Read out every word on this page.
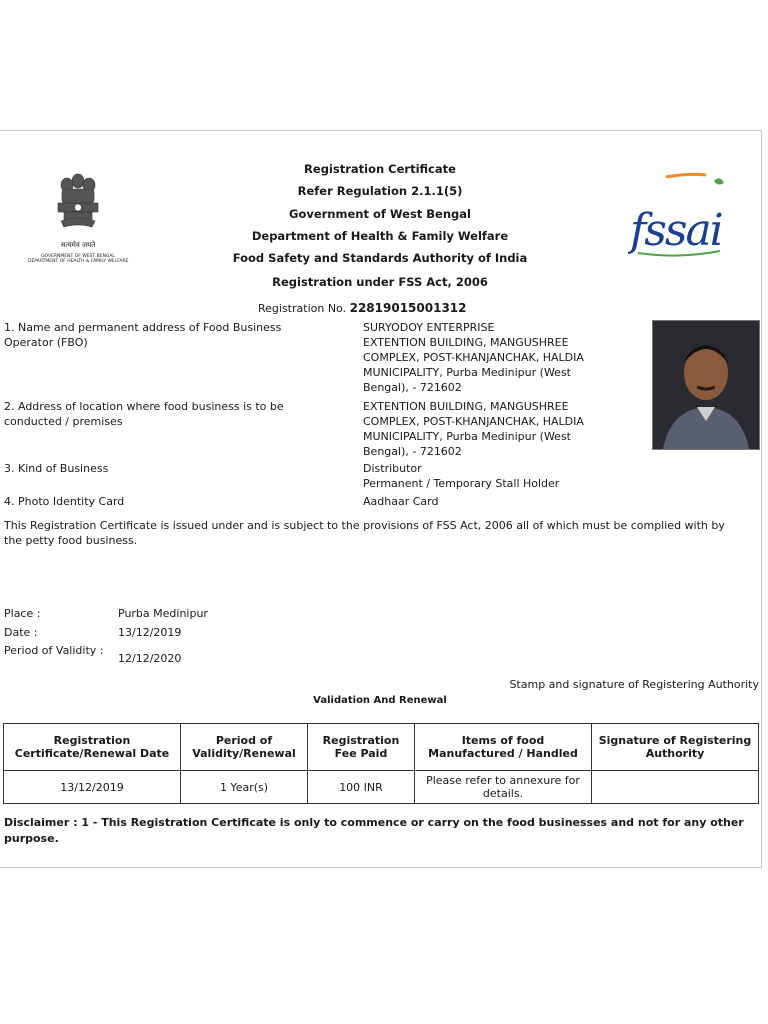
सत्यमेव जयते
GOVERNMENT OF WEST BENGAL
DEPARTMENT OF HEALTH & FAMILY WELFARE
Registration Certificate
Refer Regulation 2.1.1(5)
Government of West Bengal
Department of Health & Family Welfare
Food Safety and Standards Authority of India
Registration under FSS Act, 2006
fssai
Registration No. 22819015001312
1. Name and permanent address of Food Business Operator (FBO)
SURYODOY ENTERPRISE
EXTENTION BUILDING, MANGUSHREE
COMPLEX, POST-KHANJANCHAK, HALDIA
MUNICIPALITY, Purba Medinipur (West
Bengal), - 721602
2. Address of location where food business is to be conducted / premises
EXTENTION BUILDING, MANGUSHREE
COMPLEX, POST-KHANJANCHAK, HALDIA
MUNICIPALITY, Purba Medinipur (West
Bengal), - 721602
3. Kind of Business	Distributor
Permanent / Temporary Stall Holder
4. Photo Identity Card	Aadhaar Card
This Registration Certificate is issued under and is subject to the provisions of FSS Act, 2006 all of which must be complied with by the petty food business.
Place :	Purba Medinipur
Date :	13/12/2019
Period of Validity :
12/12/2020
Stamp and signature of Registering Authority
Validation And Renewal
Registration Certificate/Renewal Date	Period of Validity/Renewal	Registration Fee Paid	Items of food Manufactured / Handled	Signature of Registering Authority
13/12/2019	1 Year(s)	100 INR	Please refer to annexure for details.	
Disclaimer : 1 - This Registration Certificate is only to commence or carry on the food businesses and not for any other purpose.
